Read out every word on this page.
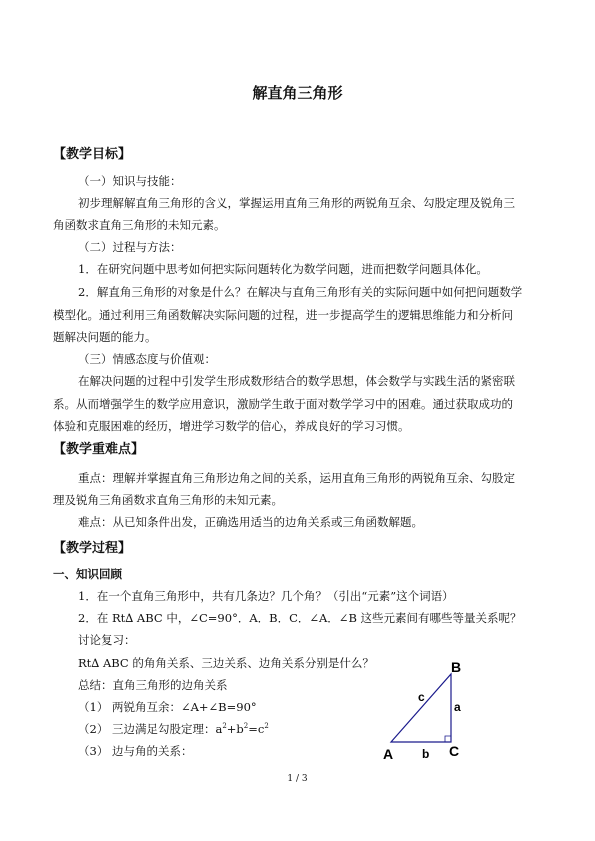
解直角三角形
【教学目标】
（一）知识与技能：
初步理解解直角三角形的含义，掌握运用直角三角形的两锐角互余、勾股定理及锐角三
角函数求直角三角形的未知元素。
（二）过程与方法：
1．在研究问题中思考如何把实际问题转化为数学问题，进而把数学问题具体化。
2．解直角三角形的对象是什么？在解决与直角三角形有关的实际问题中如何把问题数学
模型化。通过利用三角函数解决实际问题的过程，进一步提高学生的逻辑思维能力和分析问
题解决问题的能力。
（三）情感态度与价值观：
在解决问题的过程中引发学生形成数形结合的数学思想，体会数学与实践生活的紧密联
系。从而增强学生的数学应用意识，激励学生敢于面对数学学习中的困难。通过获取成功的
体验和克服困难的经历，增进学习数学的信心，养成良好的学习习惯。
【教学重难点】
重点：理解并掌握直角三角形边角之间的关系，运用直角三角形的两锐角互余、勾股定
理及锐角三角函数求直角三角形的未知元素。
难点：从已知条件出发，正确选用适当的边角关系或三角函数解题。
【教学过程】
一、知识回顾
1．在一个直角三角形中，共有几条边？几个角？（引出“元素”这个词语）
2．在 Rt∆ ABC 中，∠C=90°．A．B．C．∠A．∠B 这些元素间有哪些等量关系呢？
讨论复习：
Rt∆ ABC 的角角关系、三边关系、边角关系分别是什么？
总结：直角三角形的边角关系
（1） 两锐角互余：∠A+∠B=90°
（2） 三边满足勾股定理：$a^2+b^2=c^2$
（3） 边与角的关系：
B
A	C
a
b
c
1 / 3
